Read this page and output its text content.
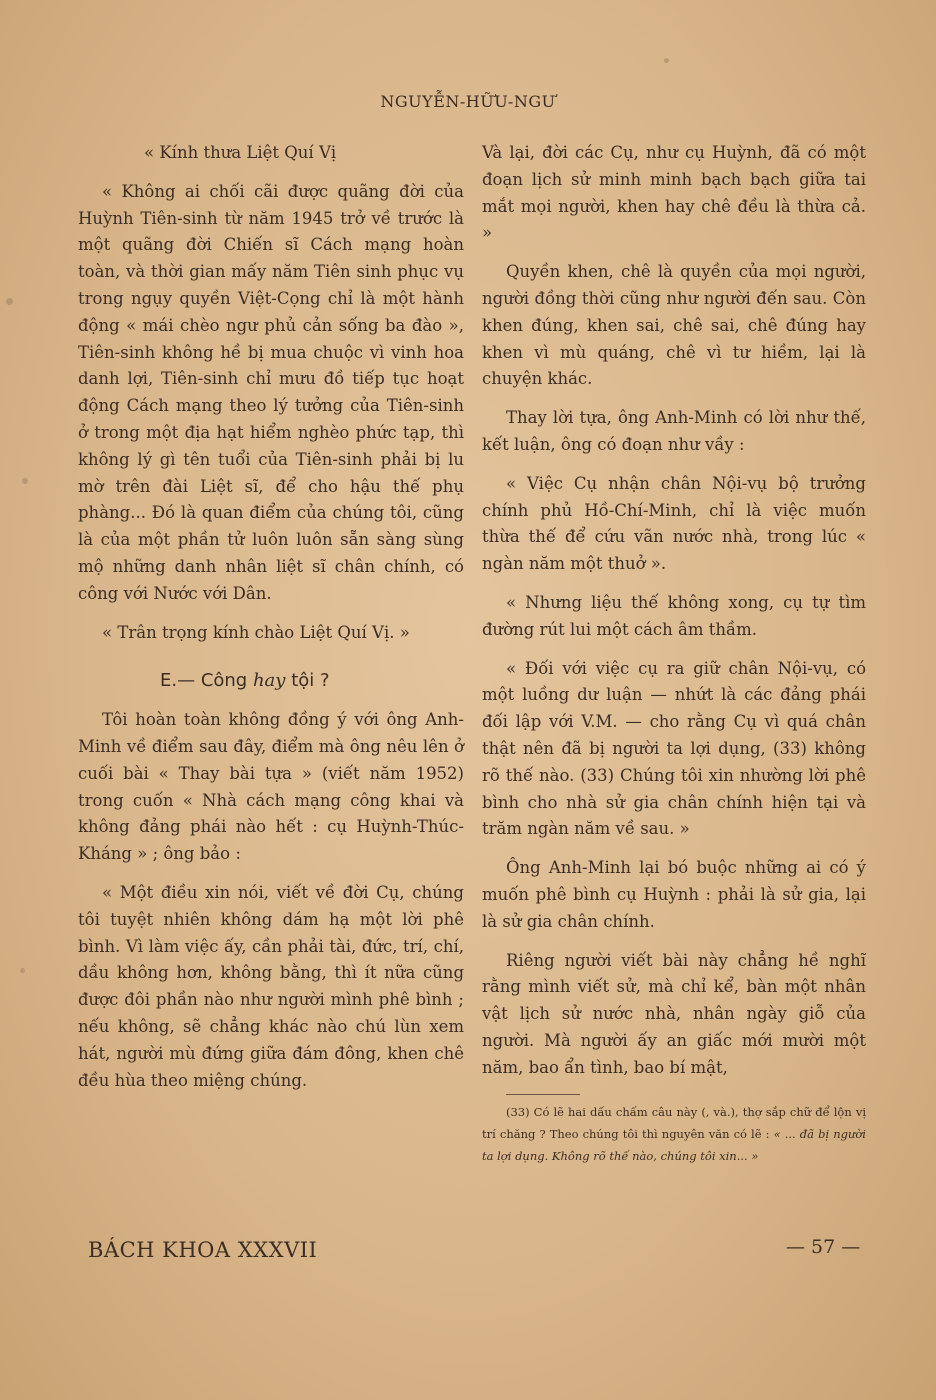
NGUYỄN-HỮU-NGƯ

« Kính thưa Liệt Quí Vị

« Không ai chối cãi được quãng đời của Huỳnh Tiên-sinh từ năm 1945 trở về trước là một quãng đời Chiến sĩ Cách mạng hoàn toàn, và thời gian mấy năm Tiên sinh phục vụ trong ngụy quyền Việt-Cọng chỉ là một hành động « mái chèo ngư phủ cản sống ba đào », Tiên-sinh không hề bị mua chuộc vì vinh hoa danh lợi, Tiên-sinh chỉ mưu đồ tiếp tục hoạt động Cách mạng theo lý tưởng của Tiên-sinh ở trong một địa hạt hiểm nghèo phức tạp, thì không lý gì tên tuổi của Tiên-sinh phải bị lu mờ trên đài Liệt sĩ, để cho hậu thế phụ phàng... Đó là quan điểm của chúng tôi, cũng là của một phần tử luôn luôn sẵn sàng sùng mộ những danh nhân liệt sĩ chân chính, có công với Nước với Dân.

« Trân trọng kính chào Liệt Quí Vị. »

E.— Công hay tội ?

Tôi hoàn toàn không đồng ý với ông Anh-Minh về điểm sau đây, điểm mà ông nêu lên ở cuối bài « Thay bài tựa » (viết năm 1952) trong cuốn « Nhà cách mạng công khai và không đảng phái nào hết : cụ Huỳnh-Thúc-Kháng » ; ông bảo :

« Một điều xin nói, viết về đời Cụ, chúng tôi tuyệt nhiên không dám hạ một lời phê bình. Vì làm việc ấy, cần phải tài, đức, trí, chí, dầu không hơn, không bằng, thì ít nữa cũng được đôi phần nào như người mình phê bình ; nếu không, sẽ chẳng khác nào chú lùn xem hát, người mù đứng giữa đám đông, khen chê đều hùa theo miệng chúng.

Và lại, đời các Cụ, như cụ Huỳnh, đã có một đoạn lịch sử minh minh bạch bạch giữa tai mắt mọi người, khen hay chê đều là thừa cả. »

Quyền khen, chê là quyền của mọi người, người đồng thời cũng như người đến sau. Còn khen đúng, khen sai, chê sai, chê đúng hay khen vì mù quáng, chê vì tư hiềm, lại là chuyện khác.

Thay lời tựa, ông Anh-Minh có lời như thế, kết luận, ông có đoạn như vầy :

« Việc Cụ nhận chân Nội-vụ bộ trưởng chính phủ Hồ-Chí-Minh, chỉ là việc muốn thừa thế để cứu vãn nước nhà, trong lúc « ngàn năm một thuở ».

« Nhưng liệu thế không xong, cụ tự tìm đường rút lui một cách âm thầm.

« Đối với việc cụ ra giữ chân Nội-vụ, có một luồng dư luận — nhứt là các đảng phái đối lập với V.M. — cho rằng Cụ vì quá chân thật nên đã bị người ta lợi dụng, (33) không rõ thế nào. (33) Chúng tôi xin nhường lời phê bình cho nhà sử gia chân chính hiện tại và trăm ngàn năm về sau. »

Ông Anh-Minh lại bó buộc những ai có ý muốn phê bình cụ Huỳnh : phải là sử gia, lại là sử gia chân chính.

Riêng người viết bài này chẳng hề nghĩ rằng mình viết sử, mà chỉ kể, bàn một nhân vật lịch sử nước nhà, nhân ngày giỗ của người. Mà người ấy an giấc mới mười một năm, bao ẩn tình, bao bí mật,

(33) Có lẽ hai dấu chấm câu này (, và.), thợ sắp chữ để lộn vị trí chăng ? Theo chúng tôi thì nguyên văn có lẽ : « ... đã bị người ta lợi dụng. Không rõ thế nào, chúng tôi xin... »

BÁCH KHOA XXXVII	— 57 —
